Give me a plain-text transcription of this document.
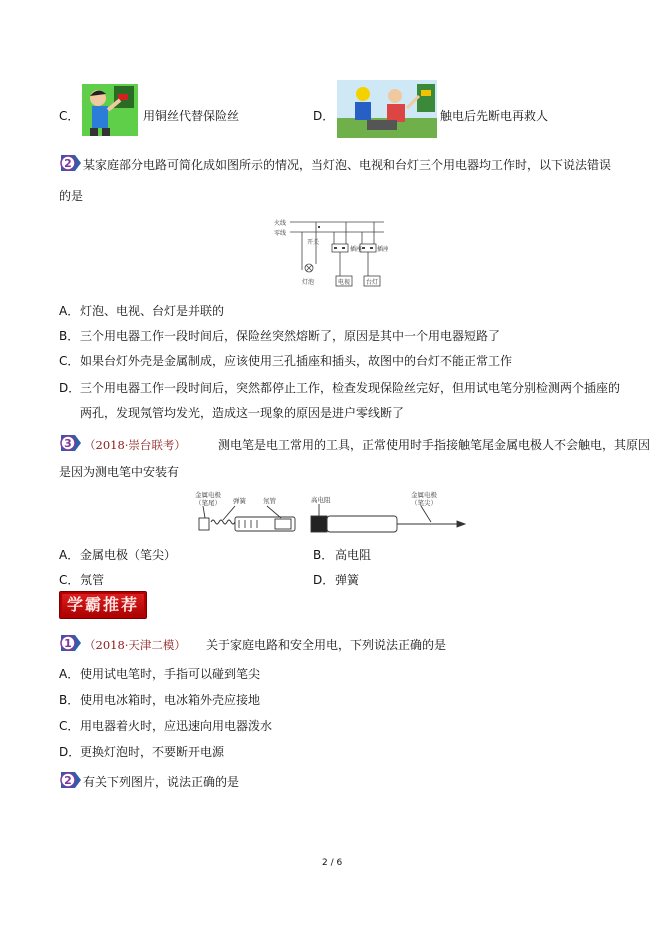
C．	用铜丝代替保险丝	D．	触电后先断电再救人
2 某家庭部分电路可简化成如图所示的情况，当灯泡、电视和台灯三个用电器均工作时，以下说法错误
的是
火线
零线
开关
插座 插座
灯泡	电视	台灯
A． 灯泡、电视、台灯是并联的
B． 三个用电器工作一段时间后，保险丝突然熔断了，原因是其中一个用电器短路了
C． 如果台灯外壳是金属制成，应该使用三孔插座和插头，故图中的台灯不能正常工作
D． 三个用电器工作一段时间后，突然都停止工作，检查发现保险丝完好，但用试电笔分别检测两个插座的
两孔，发现氖管均发光，造成这一现象的原因是进户零线断了
3 （2018·崇台联考）	测电笔是电工常用的工具，正常使用时手指接触笔尾金属电极人不会触电，其原因
是因为测电笔中安装有
金属电极
（笔尾） 弹簧	氖管	高电阻
金属电极
（笔尖）
A． 金属电极（笔尖）	B． 高电阻
C． 氖管	D． 弹簧
学霸推荐
1 （2018·天津二模） 关于家庭电路和安全用电，下列说法正确的是
A． 使用试电笔时，手指可以碰到笔尖
B． 使用电冰箱时，电冰箱外壳应接地
C． 用电器着火时，应迅速向用电器泼水
D． 更换灯泡时，不要断开电源
2 有关下列图片，说法正确的是
2 / 6
